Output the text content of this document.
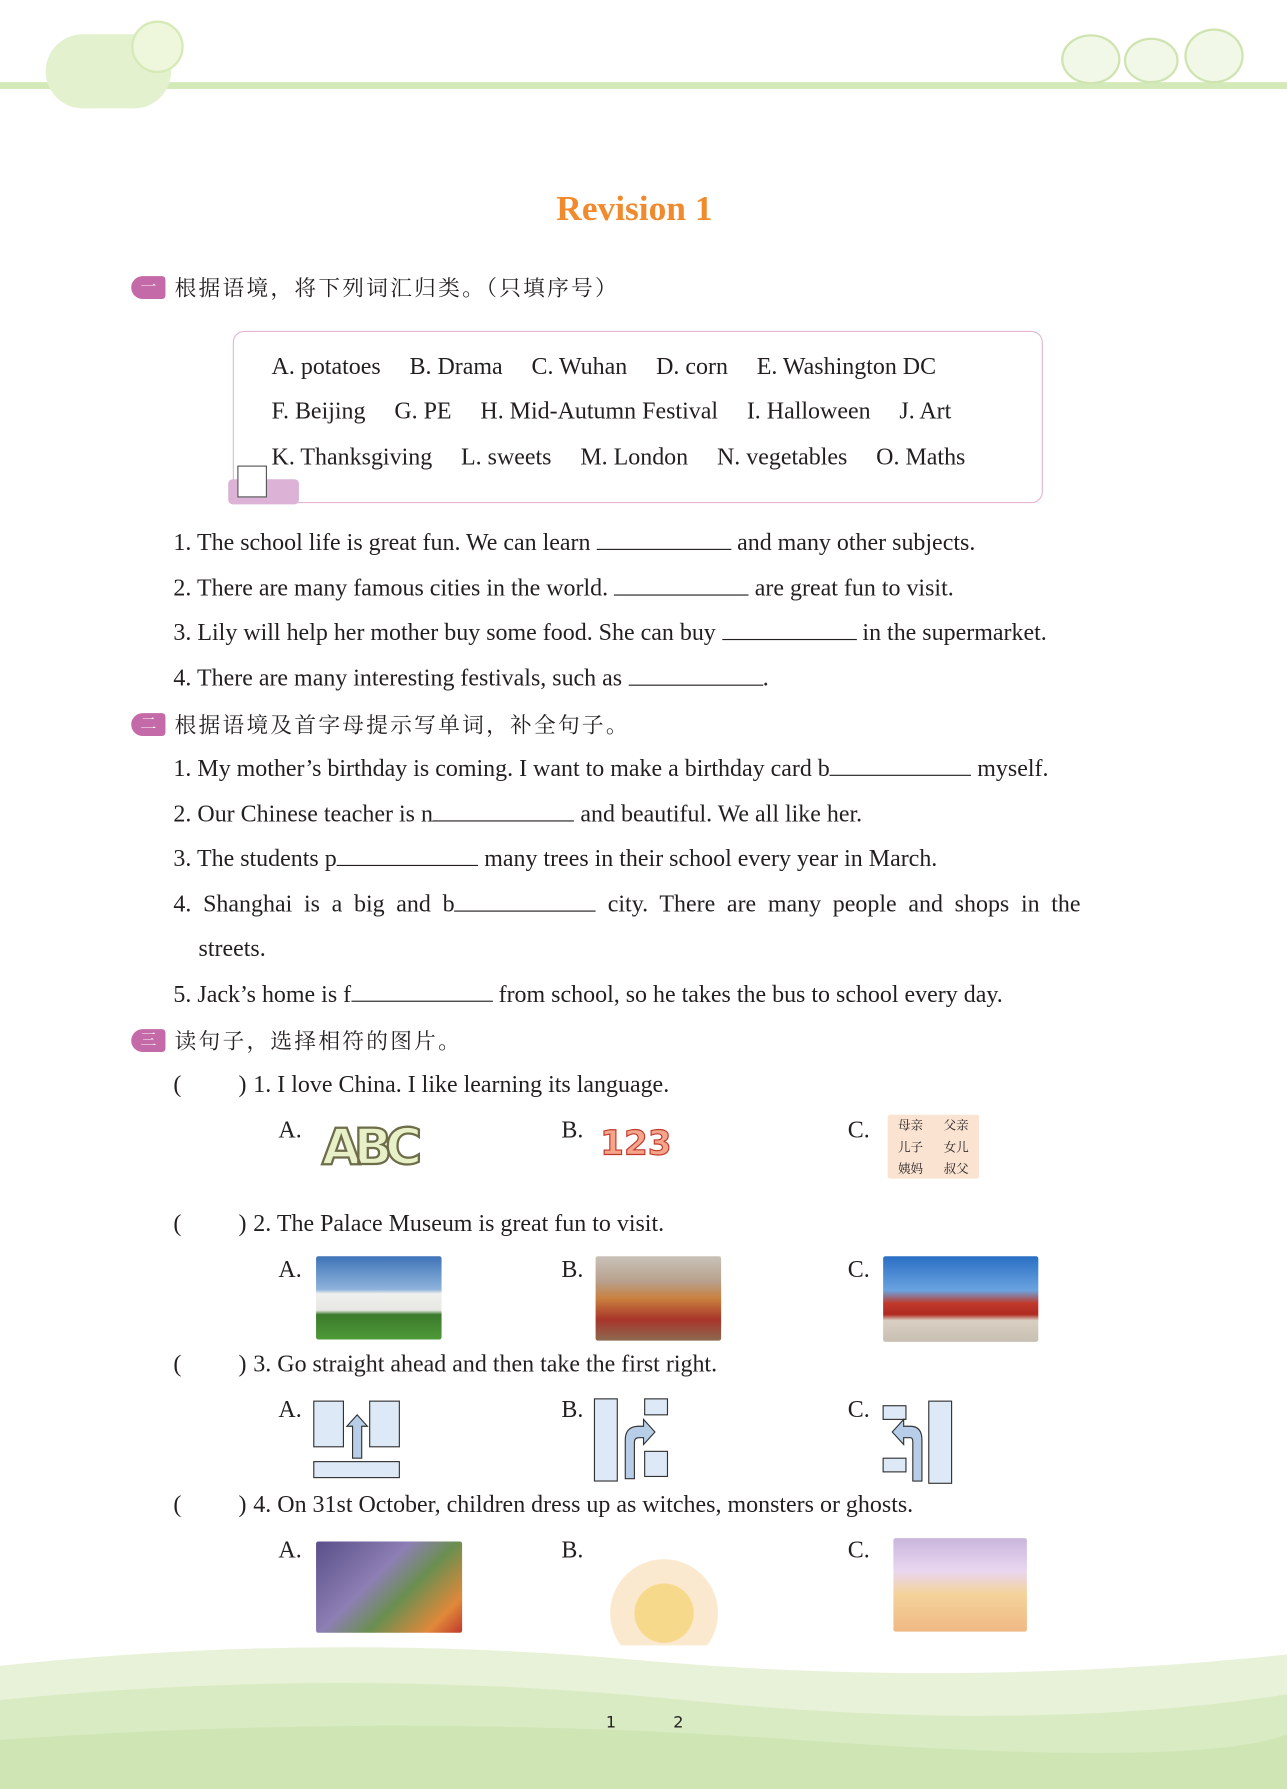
Revision 1
一 根据语境，将下列词汇归类。（只填序号）
A. potatoes B. Drama C. Wuhan D. corn E. Washington DC
F. Beijing G. PE H. Mid-Autumn Festival I. Halloween J. Art
K. Thanksgiving L. sweets M. London N. vegetables O. Maths
1. The school life is great fun. We can learn	and many other subjects.
2. There are many famous cities in the world.	are great fun to visit.
3. Lily will help her mother buy some food. She can buy	in the supermarket.
4. There are many interesting festivals, such as	.
二 根据语境及首字母提示写单词，补全句子。
1. My mother’s birthday is coming. I want to make a birthday card b	myself.
2. Our Chinese teacher is n	and beautiful. We all like her.
3. The students p	many trees in their school every year in March.
4. Shanghai is a big and b	city. There are many people and shops in the
streets.
5. Jack’s home is f	from school, so he takes the bus to school every day.
三 读句子，选择相符的图片。
(	) 1. I love China. I like learning its language.
A.	B.	C.
ABC	123	母亲 父亲
儿子 女儿
姨妈 叔父
(	) 2. The Palace Museum is great fun to visit.
A.	B.	C.
(	) 3. Go straight ahead and then take the first right.
A.	B.	C.
(	) 4. On 31st October, children dress up as witches, monsters or ghosts.
A.	B.	C.
1	2
